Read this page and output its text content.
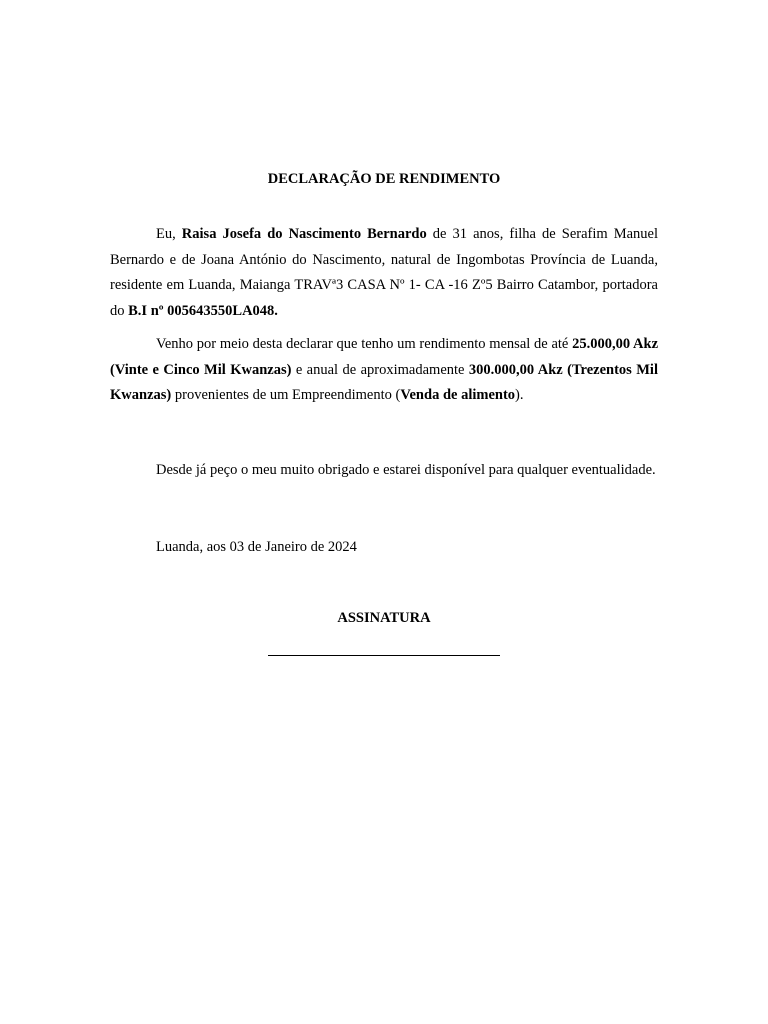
DECLARAÇÃO DE RENDIMENTO

Eu, Raisa Josefa do Nascimento Bernardo de 31 anos, filha de Serafim Manuel Bernardo e de Joana António do Nascimento, natural de Ingombotas Província de Luanda, residente em Luanda, Maianga TRAVª3 CASA Nº 1- CA -16 Zº5 Bairro Catambor, portadora do B.I nº 005643550LA048.

Venho por meio desta declarar que tenho um rendimento mensal de até 25.000,00 Akz (Vinte e Cinco Mil Kwanzas) e anual de aproximadamente 300.000,00 Akz (Trezentos Mil Kwanzas) provenientes de um Empreendimento (Venda de alimento).

Desde já peço o meu muito obrigado e estarei disponível para qualquer eventualidade.

Luanda, aos 03 de Janeiro de 2024

ASSINATURA
